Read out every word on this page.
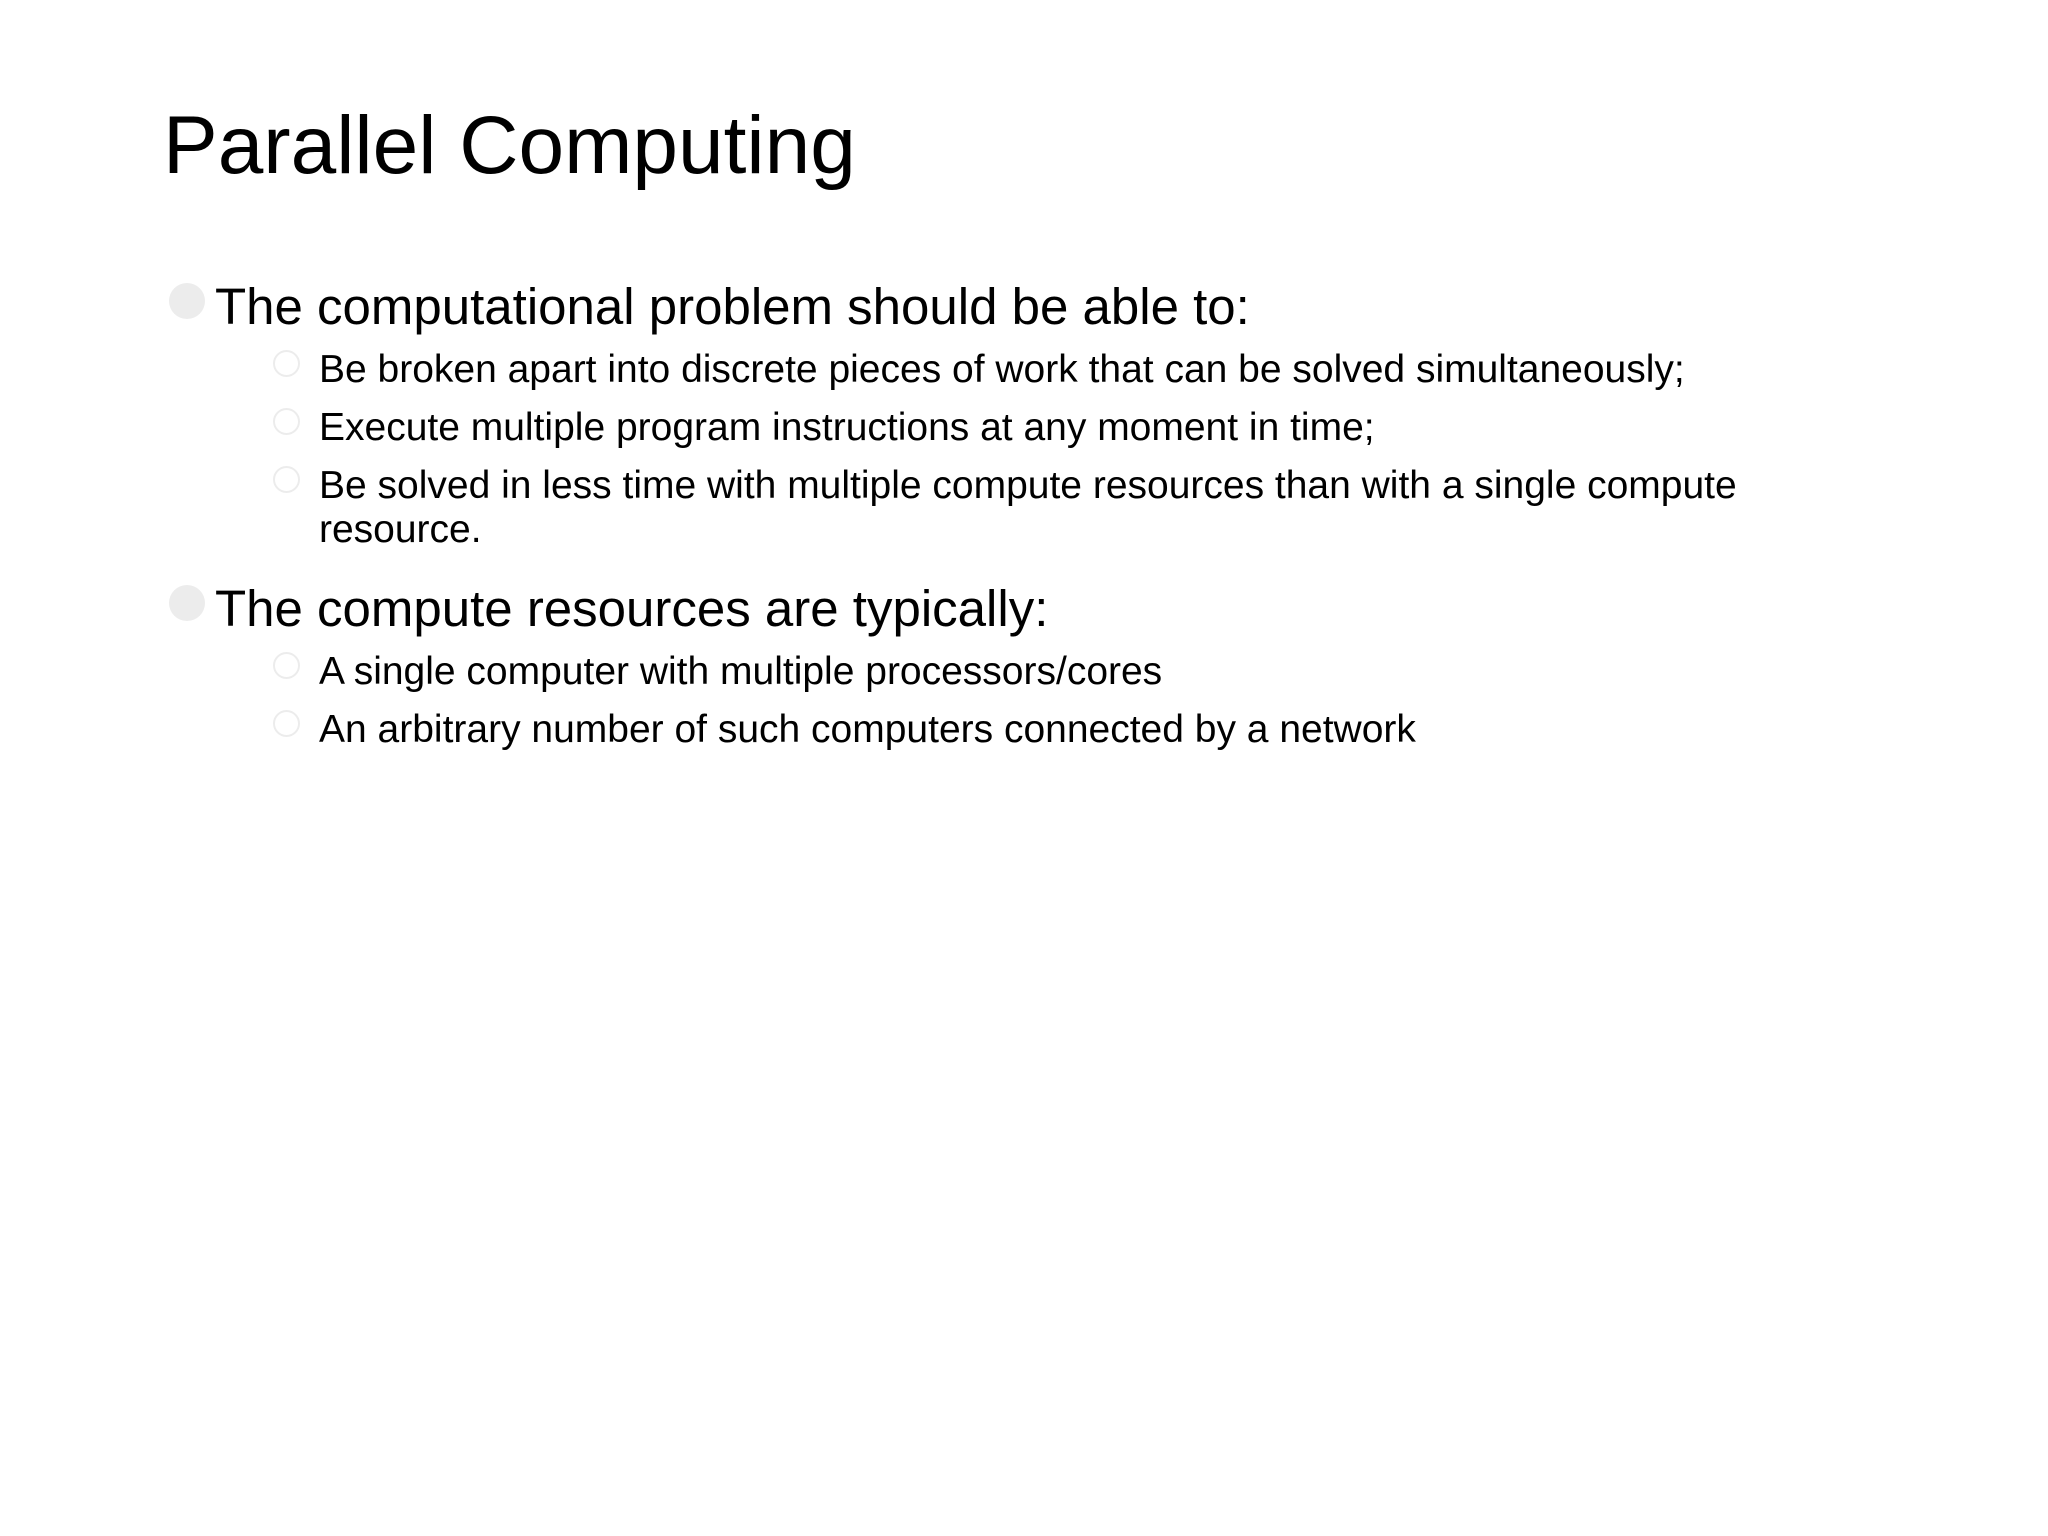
Parallel Computing
The computational problem should be able to:
Be broken apart into discrete pieces of work that can be solved simultaneously;
Execute multiple program instructions at any moment in time;
Be solved in less time with multiple compute resources than with a single compute resource.
The compute resources are typically:
A single computer with multiple processors/cores
An arbitrary number of such computers connected by a network
